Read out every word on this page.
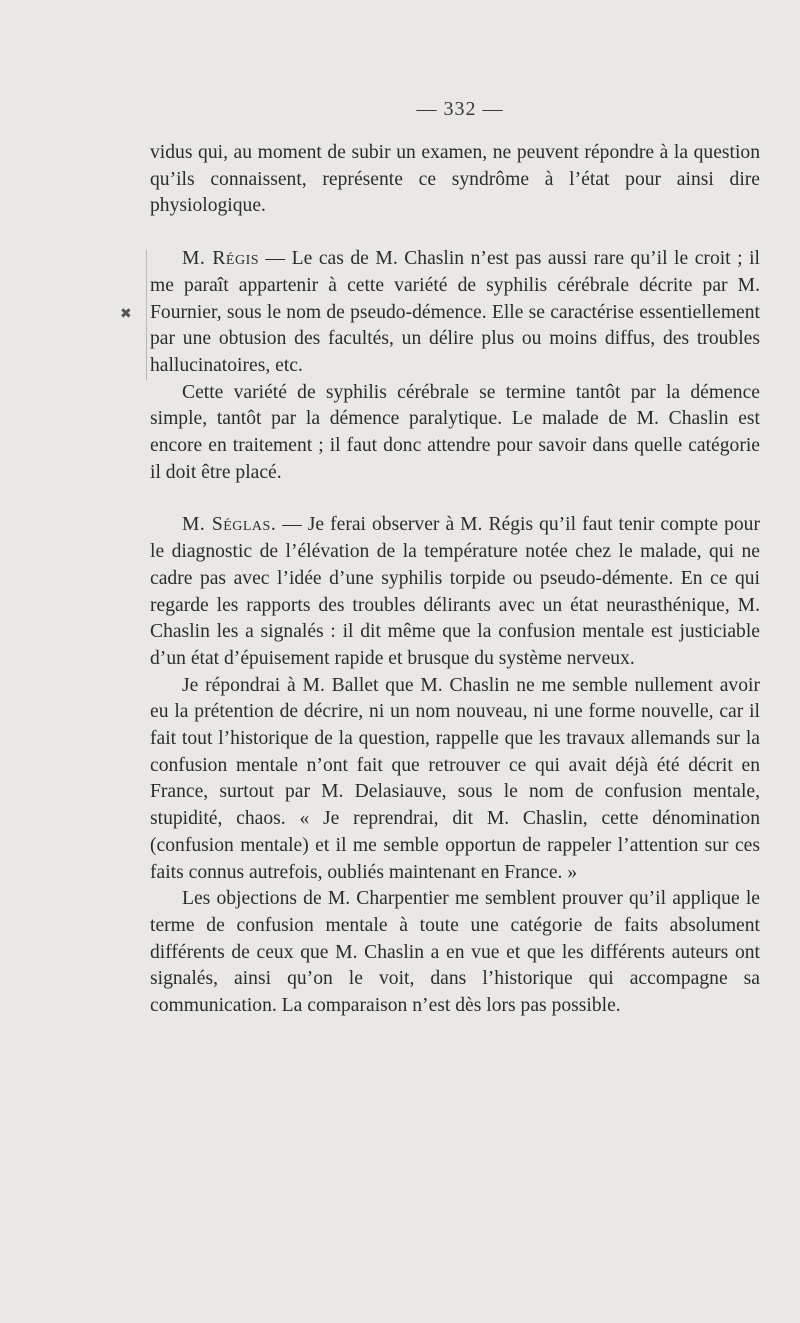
— 332 —
✖

vidus qui, au moment de subir un examen, ne peuvent répondre à la question qu’ils connaissent, représente ce syndrôme à l’état pour ainsi dire physiologique.

M. Régis — Le cas de M. Chaslin n’est pas aussi rare qu’il le croit ; il me paraît appartenir à cette variété de syphilis cérébrale décrite par M. Fournier, sous le nom de pseudo-démence. Elle se caractérise essentiellement par une obtusion des facultés, un délire plus ou moins diffus, des troubles hallucinatoires, etc.

Cette variété de syphilis cérébrale se termine tantôt par la démence simple, tantôt par la démence paralytique. Le malade de M. Chaslin est encore en traitement ; il faut donc attendre pour savoir dans quelle catégorie il doit être placé.

M. Séglas. — Je ferai observer à M. Régis qu’il faut tenir compte pour le diagnostic de l’élévation de la température notée chez le malade, qui ne cadre pas avec l’idée d’une syphilis torpide ou pseudo-démente. En ce qui regarde les rapports des troubles délirants avec un état neurasthénique, M. Chaslin les a signalés : il dit même que la confusion mentale est justiciable d’un état d’épuisement rapide et brusque du système nerveux.

Je répondrai à M. Ballet que M. Chaslin ne me semble nullement avoir eu la prétention de décrire, ni un nom nouveau, ni une forme nouvelle, car il fait tout l’historique de la question, rappelle que les travaux allemands sur la confusion mentale n’ont fait que retrouver ce qui avait déjà été décrit en France, surtout par M. Delasiauve, sous le nom de confusion mentale, stupidité, chaos. « Je reprendrai, dit M. Chaslin, cette dénomination (confusion mentale) et il me semble opportun de rappeler l’attention sur ces faits connus autrefois, oubliés maintenant en France. »

Les objections de M. Charpentier me semblent prouver qu’il applique le terme de confusion mentale à toute une catégorie de faits absolument différents de ceux que M. Chaslin a en vue et que les différents auteurs ont signalés, ainsi qu’on le voit, dans l’historique qui accompagne sa communication. La comparaison n’est dès lors pas possible.
